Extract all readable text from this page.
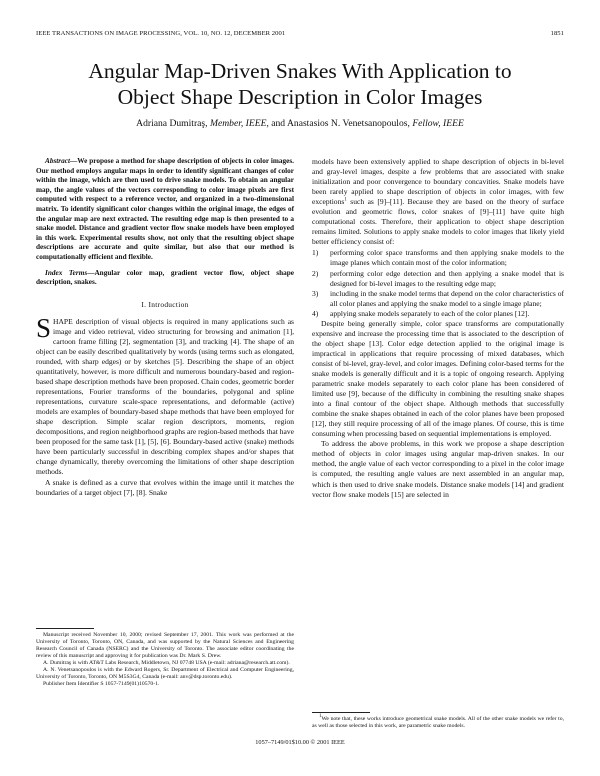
IEEE TRANSACTIONS ON IMAGE PROCESSING, VOL. 10, NO. 12, DECEMBER 2001	1851
Angular Map-Driven Snakes With Application to
Object Shape Description in Color Images
Adriana Dumitraş, Member, IEEE, and Anastasios N. Venetsanopoulos, Fellow, IEEE

Abstract—We propose a method for shape description of objects in color images. Our method employs angular maps in order to identify significant changes of color within the image, which are then used to drive snake models. To obtain an angular map, the angle values of the vectors corresponding to color image pixels are first computed with respect to a reference vector, and organized in a two-dimensional matrix. To identify significant color changes within the original image, the edges of the angular map are next extracted. The resulting edge map is then presented to a snake model. Distance and gradient vector flow snake models have been employed in this work. Experimental results show, not only that the resulting object shape descriptions are accurate and quite similar, but also that our method is computationally efficient and flexible.

Index Terms—Angular color map, gradient vector flow, object shape description, snakes.

I. Introduction

SHAPE description of visual objects is required in many applications such as image and video retrieval, video structuring for browsing and animation [1], cartoon frame filling [2], segmentation [3], and tracking [4]. The shape of an object can be easily described qualitatively by words (using terms such as elongated, rounded, with sharp edges) or by sketches [5]. Describing the shape of an object quantitatively, however, is more difficult and numerous boundary-based and region-based shape description methods have been proposed. Chain codes, geometric border representations, Fourier transforms of the boundaries, polygonal and spline representations, curvature scale-space representations, and deformable (active) models are examples of boundary-based shape methods that have been employed for shape description. Simple scalar region descriptors, moments, region decompositions, and region neighborhood graphs are region-based methods that have been proposed for the same task [1], [5], [6]. Boundary-based active (snake) methods have been particularly successful in describing complex shapes and/or shapes that change dynamically, thereby overcoming the limitations of other shape description methods.

A snake is defined as a curve that evolves within the image until it matches the boundaries of a target object [7], [8]. Snake

Manuscript received November 10, 2000; revised September 17, 2001. This work was performed at the University of Toronto, Toronto, ON, Canada, and was supported by the Natural Sciences and Engineering Research Council of Canada (NSERC) and the University of Toronto. The associate editor coordinating the review of this manuscript and approving it for publication was Dr. Mark S. Drew.

A. Dumitraş is with AT&T Labs Research, Middletown, NJ 07748 USA (e-mail: adriana@research.att.com).

A. N. Venetsanopoulos is with the Edward Rogers, Sr. Department of Electrical and Computer Engineering, University of Toronto, Toronto, ON M5S3G4, Canada (e-mail: anv@dsp.toronto.edu).

Publisher Item Identifier S 1057-7149(01)10570-1.

models have been extensively applied to shape description of objects in bi-level and gray-level images, despite a few problems that are associated with snake initialization and poor convergence to boundary concavities. Snake models have been rarely applied to shape description of objects in color images, with few exceptions$^1$ such as [9]–[11]. Because they are based on the theory of surface evolution and geometric flows, color snakes of [9]–[11] have quite high computational costs. Therefore, their application to object shape description remains limited. Solutions to apply snake models to color images that likely yield better efficiency consist of:

1) performing color space transforms and then applying snake models to the image planes which contain most of the color information;
2) performing color edge detection and then applying a snake model that is designed for bi-level images to the resulting edge map;
3) including in the snake model terms that depend on the color characteristics of all color planes and applying the snake model to a single image plane;
4) applying snake models separately to each of the color planes [12].

Despite being generally simple, color space transforms are computationally expensive and increase the processing time that is associated to the description of the object shape [13]. Color edge detection applied to the original image is impractical in applications that require processing of mixed databases, which consist of bi-level, gray-level, and color images. Defining color-based terms for the snake models is generally difficult and it is a topic of ongoing research. Applying parametric snake models separately to each color plane has been considered of limited use [9], because of the difficulty in combining the resulting snake shapes into a final contour of the object shape. Although methods that successfully combine the snake shapes obtained in each of the color planes have been proposed [12], they still require processing of all of the image planes. Of course, this is time consuming when processing based on sequential implementations is employed.

To address the above problems, in this work we propose a shape description method of objects in color images using angular map-driven snakes. In our method, the angle value of each vector corresponding to a pixel in the color image is computed, the resulting angle values are next assembled in an angular map, which is then used to drive snake models. Distance snake models [14] and gradient vector flow snake models [15] are selected in

$^1$We note that, these works introduce geometrical snake models. All of the other snake models we refer to, as well as those selected in this work, are parametric snake models.

1057–7149/01$10.00 © 2001 IEEE
